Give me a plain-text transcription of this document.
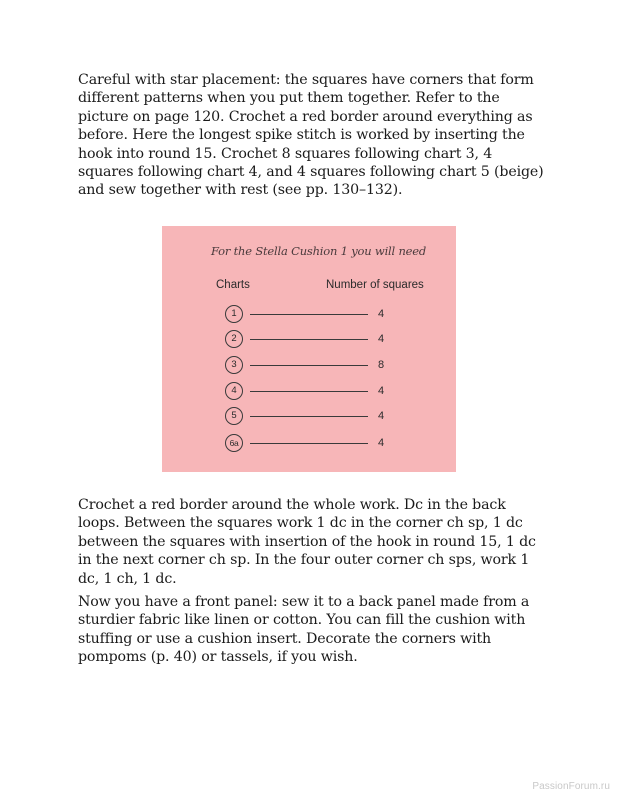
Careful with star placement: the squares have corners that form different patterns when you put them together. Refer to the picture on page 120. Crochet a red border around everything as before. Here the longest spike stitch is worked by inserting the hook into round 15. Crochet 8 squares following chart 3, 4 squares following chart 4, and 4 squares following chart 5 (beige) and sew together with rest (see pp. 130–132).

For the Stella Cushion 1 you will need
Charts	Number of squares
1	4
2	4
3	8
4	4
5	4
6a	4

Crochet a red border around the whole work. Dc in the back loops. Between the squares work 1 dc in the corner ch sp, 1 dc between the squares with insertion of the hook in round 15, 1 dc in the next corner ch sp. In the four outer corner ch sps, work 1 dc, 1 ch, 1 dc.

Now you have a front panel: sew it to a back panel made from a sturdier fabric like linen or cotton. You can fill the cushion with stuffing or use a cushion insert. Decorate the corners with pompoms (p. 40) or tassels, if you wish.

PassionForum.ru
